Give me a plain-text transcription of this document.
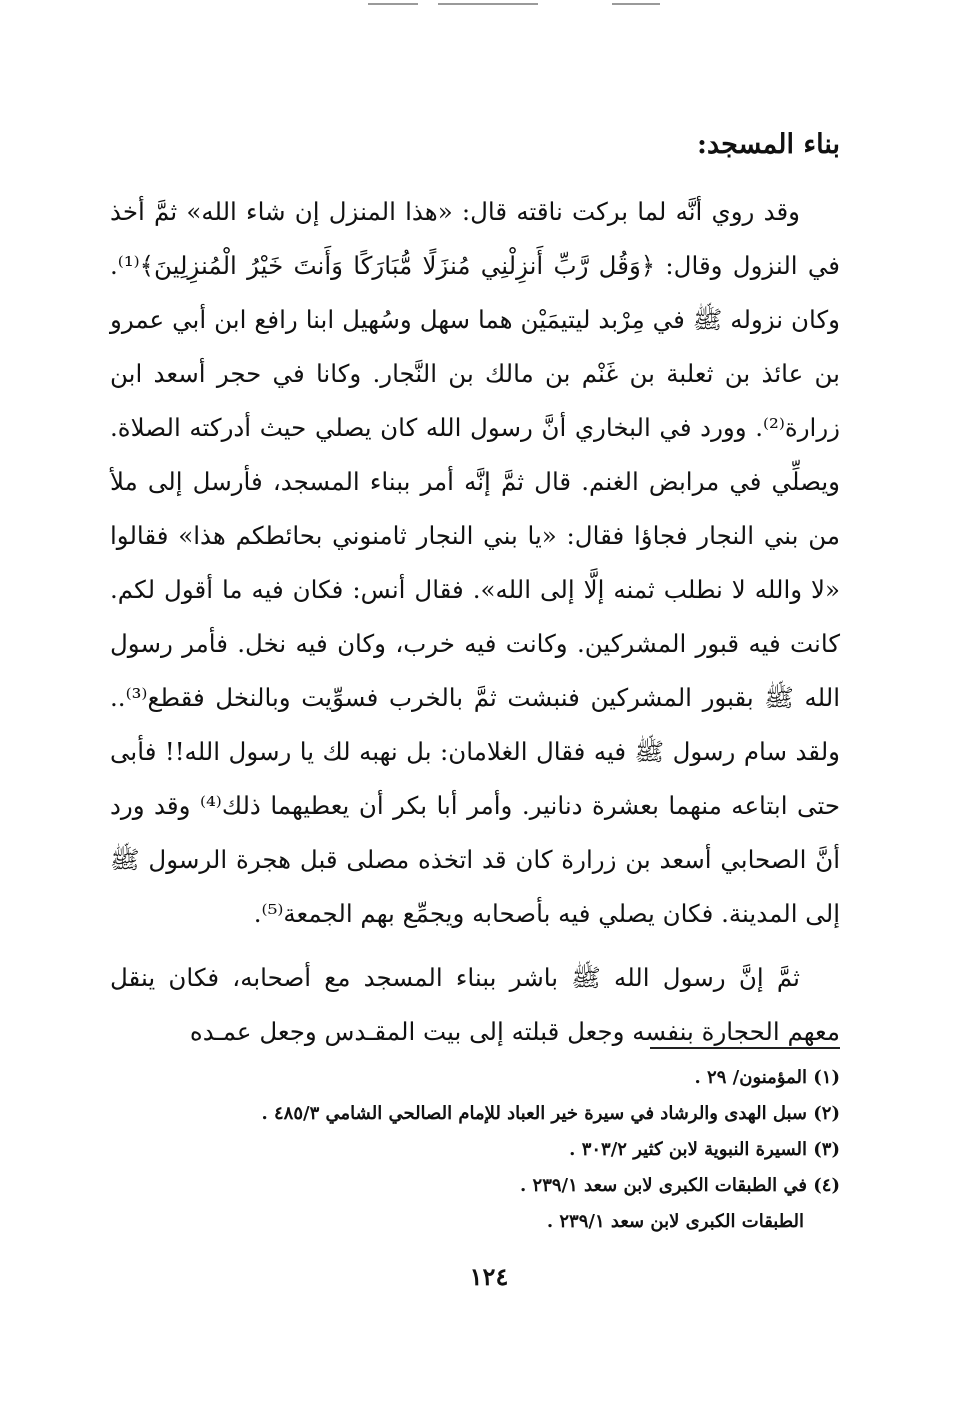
بناء المسجد:

وقد روي أنَّه لما بركت ناقته قال: «هذا المنزل إن شاء الله» ثمَّ أخذ في النزول وقال: ﴿وَقُل رَّبِّ أَنزِلْنِي مُنزَلًا مُّبَارَكًا وَأَنتَ خَيْرُ الْمُنزِلِينَ﴾⁽¹⁾. وكان نزوله ﷺ في مِرْبد ليتيمَيْن هما سهل وسُهيل ابنا رافع ابن أبي عمرو بن عائذ بن ثعلبة بن غَنْم بن مالك بن النَّجار. وكانا في حجر أسعد ابن زرارة⁽²⁾. وورد في البخاري أنَّ رسول الله كان يصلي حيث أدركته الصلاة. ويصلِّي في مرابض الغنم. قال ثمَّ إنَّه أمر ببناء المسجد، فأرسل إلى ملأ من بني النجار فجاؤا فقال: «يا بني النجار ثامنوني بحائطكم هذا» فقالوا «لا والله لا نطلب ثمنه إلَّا إلى الله». فقال أنس: فكان فيه ما أقول لكم. كانت فيه قبور المشركين. وكانت فيه خرب، وكان فيه نخل. فأمر رسول الله ﷺ بقبور المشركين فنبشت ثمَّ بالخرب فسوِّيت وبالنخل فقطع⁽³⁾.. ولقد سام رسول ﷺ فيه فقال الغلامان: بل نهبه لك يا رسول الله!! فأبى حتى ابتاعه منهما بعشرة دنانير. وأمر أبا بكر أن يعطيهما ذلك⁽⁴⁾ وقد ورد أنَّ الصحابي أسعد بن زرارة كان قد اتخذه مصلى قبل هجرة الرسول ﷺ إلى المدينة. فكان يصلي فيه بأصحابه ويجمِّع بهم الجمعة⁽⁵⁾.

ثمَّ إنَّ رسول الله ﷺ باشر ببناء المسجد مع أصحابه، فكان ينقل معهم الحجارة بنفسه وجعل قبلته إلى بيت المقـدس وجعل عمـده

(١) المؤمنون/ ٢٩ .

(٢) سبل الهدى والرشاد في سيرة خير العباد للإمام الصالحي الشامي ٤٨٥/٣ .

(٣) السيرة النبوية لابن كثير ٣٠٣/٢ .

(٤) في الطبقات الكبرى لابن سعد ٢٣٩/١ .

الطبقات الكبرى لابن سعد ٢٣٩/١ .

١٢٤
